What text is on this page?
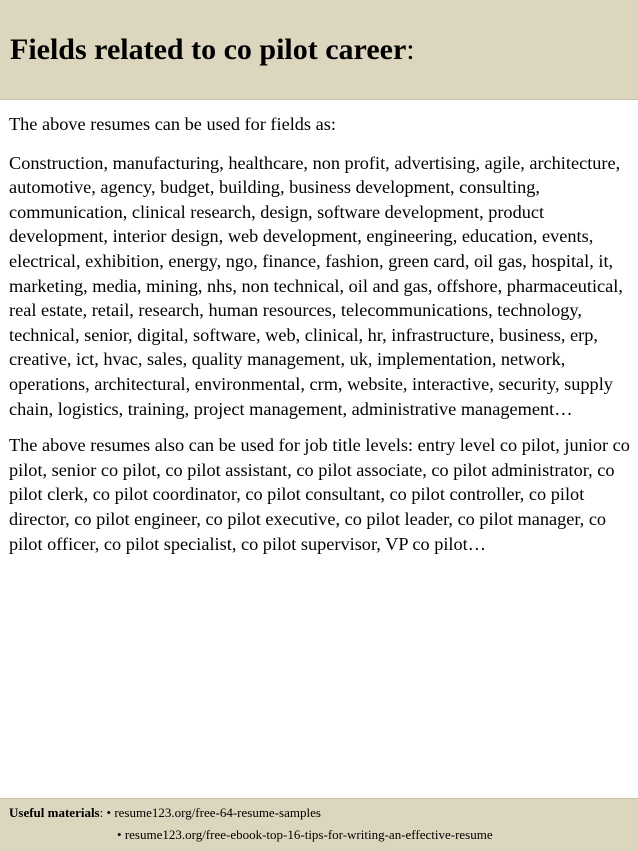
Fields related to co pilot career:

The above resumes can be used for fields as:

Construction, manufacturing, healthcare, non profit, advertising, agile, architecture, automotive, agency, budget, building, business development, consulting, communication, clinical research, design, software development, product development, interior design, web development, engineering, education, events, electrical, exhibition, energy, ngo, finance, fashion, green card, oil gas, hospital, it, marketing, media, mining, nhs, non technical, oil and gas, offshore, pharmaceutical, real estate, retail, research, human resources, telecommunications, technology, technical, senior, digital, software, web, clinical, hr, infrastructure, business, erp, creative, ict, hvac, sales, quality management, uk, implementation, network, operations, architectural, environmental, crm, website, interactive, security, supply chain, logistics, training, project management, administrative management…

The above resumes also can be used for job title levels: entry level co pilot, junior co pilot, senior co pilot, co pilot assistant, co pilot associate, co pilot administrator, co pilot clerk, co pilot coordinator, co pilot consultant, co pilot controller, co pilot director, co pilot engineer, co pilot executive, co pilot leader, co pilot manager, co pilot officer, co pilot specialist, co pilot supervisor, VP co pilot…

Useful materials: • resume123.org/free-64-resume-samples
• resume123.org/free-ebook-top-16-tips-for-writing-an-effective-resume
